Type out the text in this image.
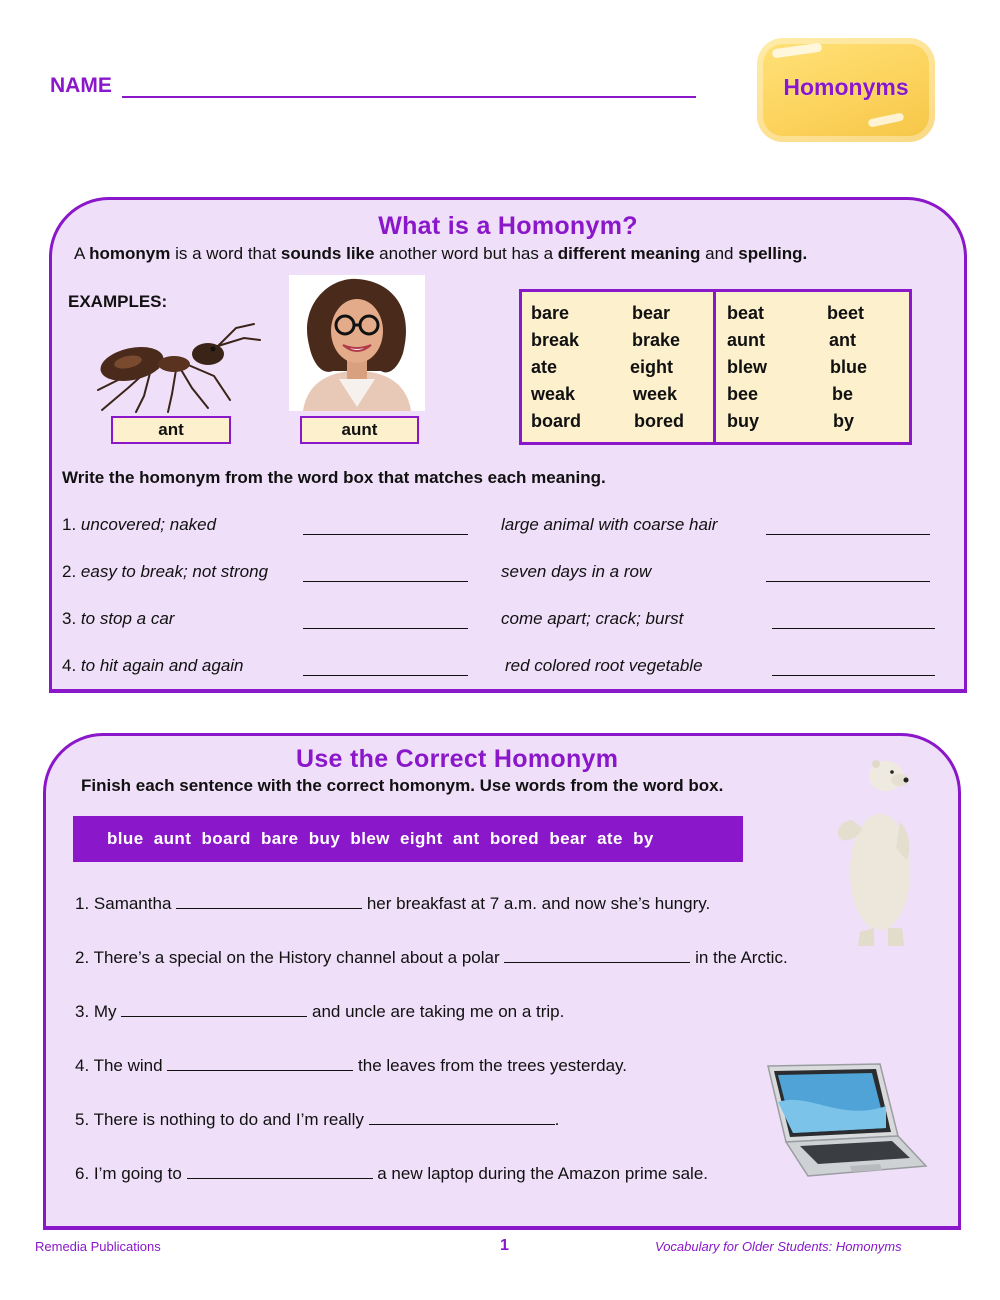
NAME	Homonyms
What is a Homonym?
A homonym is a word that sounds like another word but has a different meaning and spelling.
EXAMPLES:
ant	aunt
bare	bear
break	brake
ate	eight
weak	week
board	bored
beat	beet
aunt	ant
blew	blue
bee	be
buy	by
Write the homonym from the word box that matches each meaning.
1. uncovered; naked
2. easy to break; not strong
3. to stop a car
4. to hit again and again
large animal with coarse hair
seven days in a row
come apart; crack; burst
red colored root vegetable
Use the Correct Homonym
Finish each sentence with the correct homonym. Use words from the word box.
blue  aunt  board  bare  buy  blew  eight  ant  bored  bear  ate  by
1. Samantha	her breakfast at 7 a.m. and now she’s hungry.
2. There’s a special on the History channel about a polar	in the Arctic.
3. My	and uncle are taking me on a trip.
4. The wind	the leaves from the trees yesterday.
5. There is nothing to do and I’m really	.
6. I’m going to	a new laptop during the Amazon prime sale.
Remedia Publications	1	Vocabulary for Older Students: Homonyms
